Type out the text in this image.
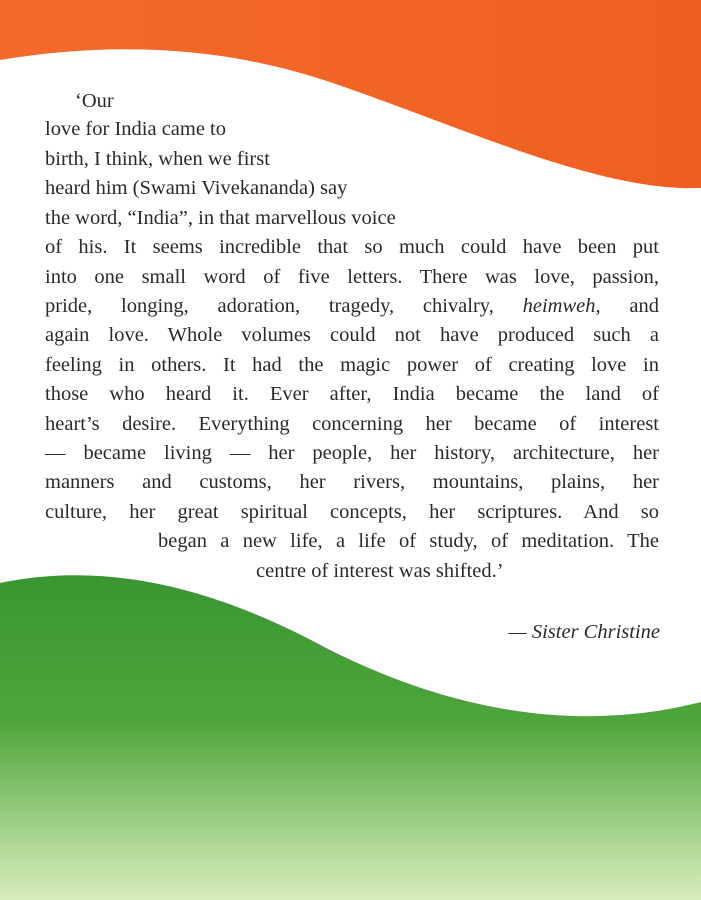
‘Our
love for India came to
birth, I think, when we first
heard him (Swami Vivekananda) say
the word, “India”, in that marvellous voice
of his. It seems incredible that so much could have been put
into one small word of five letters. There was love, passion,
pride, longing, adoration, tragedy, chivalry, heimweh, and
again love. Whole volumes could not have produced such a
feeling in others. It had the magic power of creating love in
those who heard it. Ever after, India became the land of
heart’s desire. Everything concerning her became of interest
— became living — her people, her history, architecture, her
manners and customs, her rivers, mountains, plains, her
culture, her great spiritual concepts, her scriptures. And so
began a new life, a life of study, of meditation. The
centre of interest was shifted.’
— Sister Christine
